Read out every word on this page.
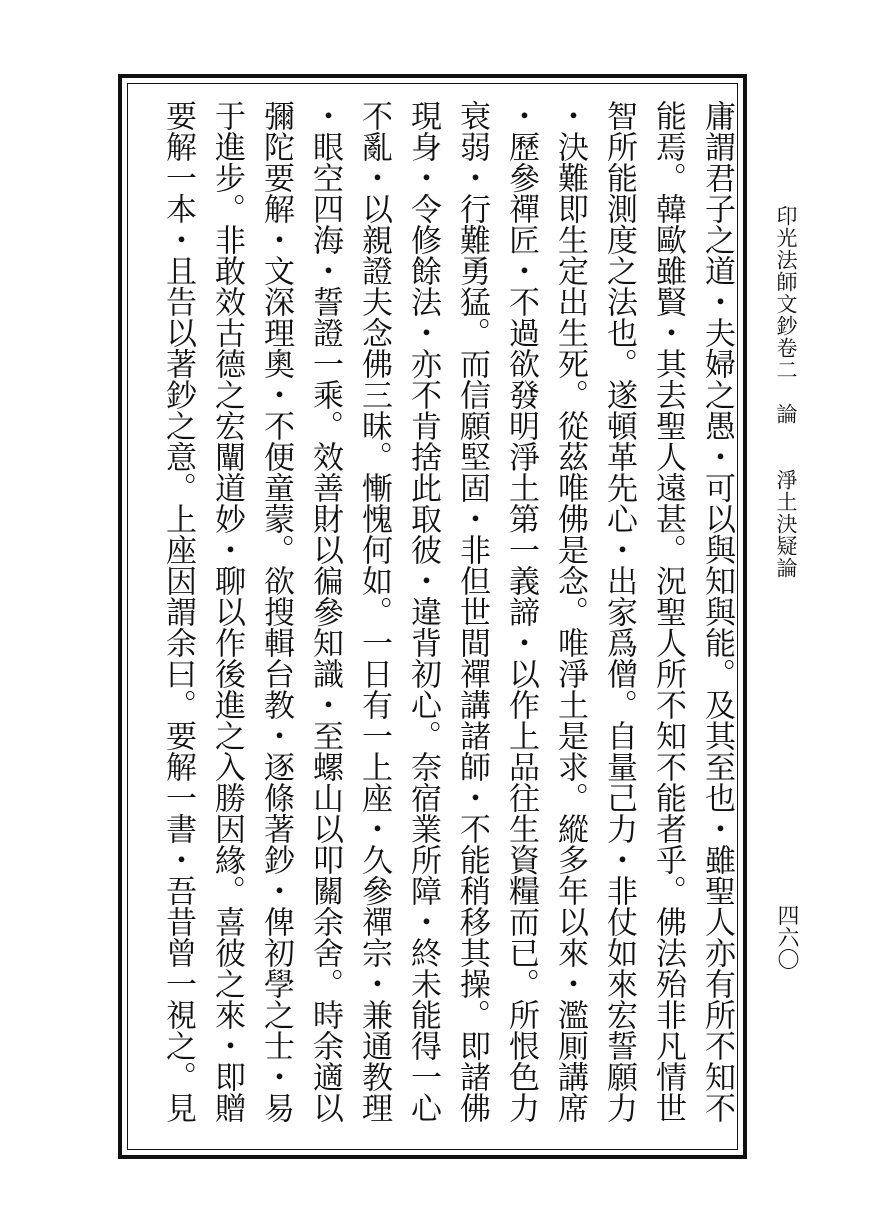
印光法師文鈔卷二論淨土決疑論
四六〇
庸謂君子之道・夫婦之愚・可以與知與能。及其至也・雖聖人亦有所不知不
能焉。韓歐雖賢・其去聖人遠甚。況聖人所不知不能者乎。佛法殆非凡情世
智所能測度之法也。遂頓革先心・出家爲僧。自量己力・非仗如來宏誓願力
・決難即生定出生死。從茲唯佛是念。唯淨土是求。縱多年以來・濫厠講席
・歷參禪匠・不過欲發明淨土第一義諦・以作上品往生資糧而已。所恨色力
衰弱・行難勇猛。而信願堅固・非但世間禪講諸師・不能稍移其操。即諸佛
現身・令修餘法・亦不肯捨此取彼・違背初心。奈宿業所障・終未能得一心
不亂・以親證夫念佛三昧。慚愧何如。一日有一上座・久參禪宗・兼通教理
・眼空四海・誓證一乘。效善財以徧參知識・至螺山以叩關余舍。時余適以
彌陀要解・文深理奧・不便童蒙。欲搜輯台教・逐條著鈔・俾初學之士・易
于進步。非敢效古德之宏闡道妙・聊以作後進之入勝因緣。喜彼之來・即贈
要解一本・且告以著鈔之意。上座因謂余曰。要解一書・吾昔曾一視之。見
